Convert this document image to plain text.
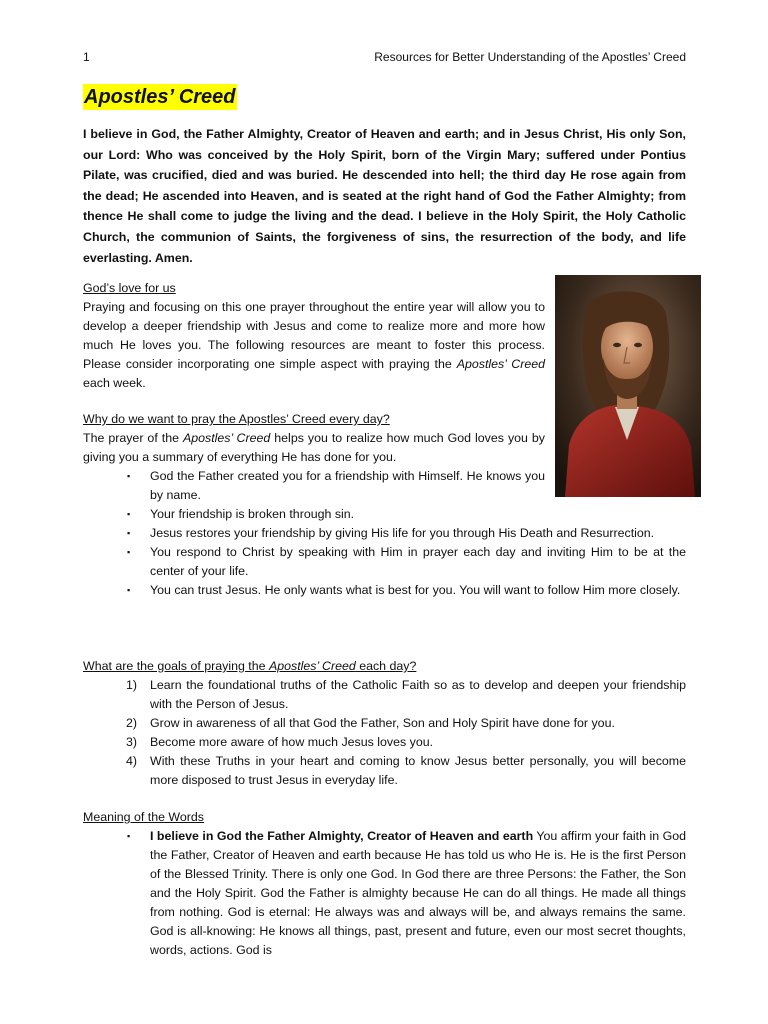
1	Resources for Better Understanding of the Apostles’ Creed
Apostles’ Creed
I believe in God, the Father Almighty, Creator of Heaven and earth; and in Jesus Christ, His only Son, our Lord: Who was conceived by the Holy Spirit, born of the Virgin Mary; suffered under Pontius Pilate, was crucified, died and was buried. He descended into hell; the third day He rose again from the dead; He ascended into Heaven, and is seated at the right hand of God the Father Almighty; from thence He shall come to judge the living and the dead. I believe in the Holy Spirit, the Holy Catholic Church, the communion of Saints, the forgiveness of sins, the resurrection of the body, and life everlasting. Amen.
God’s love for us
Praying and focusing on this one prayer throughout the entire year will allow you to develop a deeper friendship with Jesus and come to realize more and more how much He loves you. The following resources are meant to foster this process. Please consider incorporating one simple aspect with praying the Apostles’ Creed each week.
Why do we want to pray the Apostles’ Creed every day?
The prayer of the Apostles’ Creed helps you to realize how much God loves you by giving you a summary of everything He has done for you.
▪ God the Father created you for a friendship with Himself. He knows you by name.
▪ Your friendship is broken through sin.
▪ Jesus restores your friendship by giving His life for you through His Death and Resurrection.
▪ You respond to Christ by speaking with Him in prayer each day and inviting Him to be at the center of your life.
▪ You can trust Jesus. He only wants what is best for you. You will want to follow Him more closely.
What are the goals of praying the Apostles’ Creed each day?
1) Learn the foundational truths of the Catholic Faith so as to develop and deepen your friendship with the Person of Jesus.
2) Grow in awareness of all that God the Father, Son and Holy Spirit have done for you.
3) Become more aware of how much Jesus loves you.
4) With these Truths in your heart and coming to know Jesus better personally, you will become more disposed to trust Jesus in everyday life.
Meaning of the Words
▪ I believe in God the Father Almighty, Creator of Heaven and earth You affirm your faith in God the Father, Creator of Heaven and earth because He has told us who He is. He is the first Person of the Blessed Trinity. There is only one God. In God there are three Persons: the Father, the Son and the Holy Spirit. God the Father is almighty because He can do all things. He made all things from nothing. God is eternal: He always was and always will be, and always remains the same. God is all-knowing: He knows all things, past, present and future, even our most secret thoughts, words, actions. God is
